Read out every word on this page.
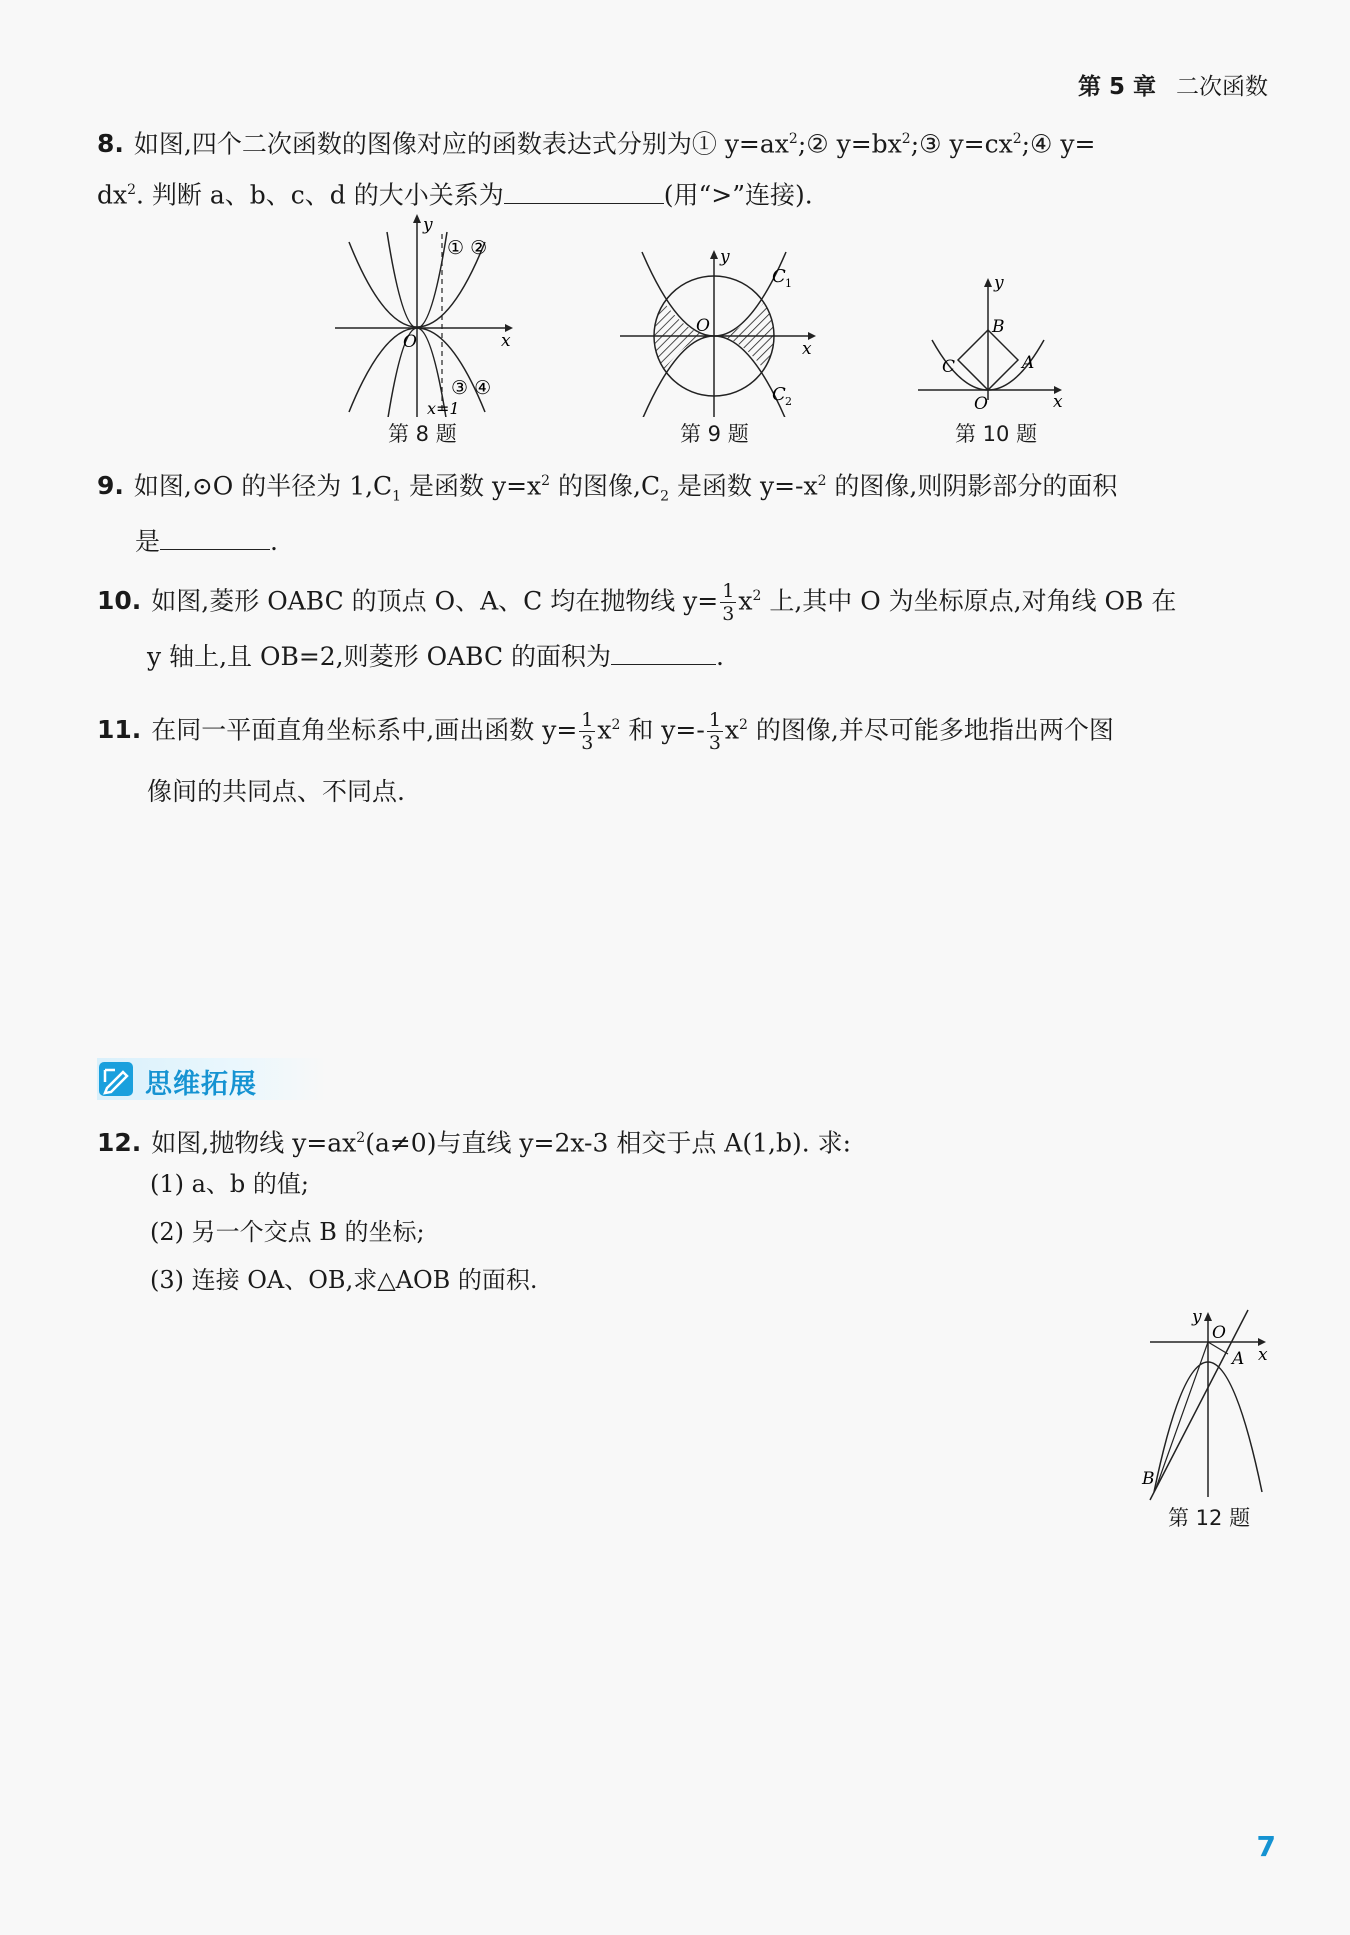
第 5 章 二次函数
8. 如图,四个二次函数的图像对应的函数表达式分别为① $y=ax^2;②$ $y=bx^2;③$ $y=cx^2;④$ y=
$dx^2$. 判断 a、b、c、d 的大小关系为	(用“>”连接).
y
x
O
① ②
③ ④
x=1
第 8 题
y
x
O
C 1
C 2
第 9 题
y
x
O
A
B
C
第 10 题
9. 如图,⊙O 的半径为 $1,C_1$ 是函数 $y=x^2$ 的图像$,C_2$ 是函数 $y=-x^2$ 的图像,则阴影部分的面积
是	.
10. 如图,菱形 OABC 的顶点 O、A、C 均在抛物线 $y= \frac{1}{3} x^2$ 上,其中 O 为坐标原点,对角线 OB 在
y 轴上,且 OB=2,则菱形 OABC 的面积为	.
11. 在同一平面直角坐标系中,画出函数 $y= \frac{1}{3} x^2$ 和 $y=- \frac{1}{3} x^2$ 的图像,并尽可能多地指出两个图
像间的共同点、不同点.
思维拓展
12. 如图,抛物线 $y=ax^2(a\ne 0)$与直线 y=2x-3 相交于点 A(1,b). 求:
(1) a、b 的值;
(2) 另一个交点 B 的坐标;
(3) 连接 OA、OB,求△AOB 的面积.
y
x
O
A
B
第 12 题
7
